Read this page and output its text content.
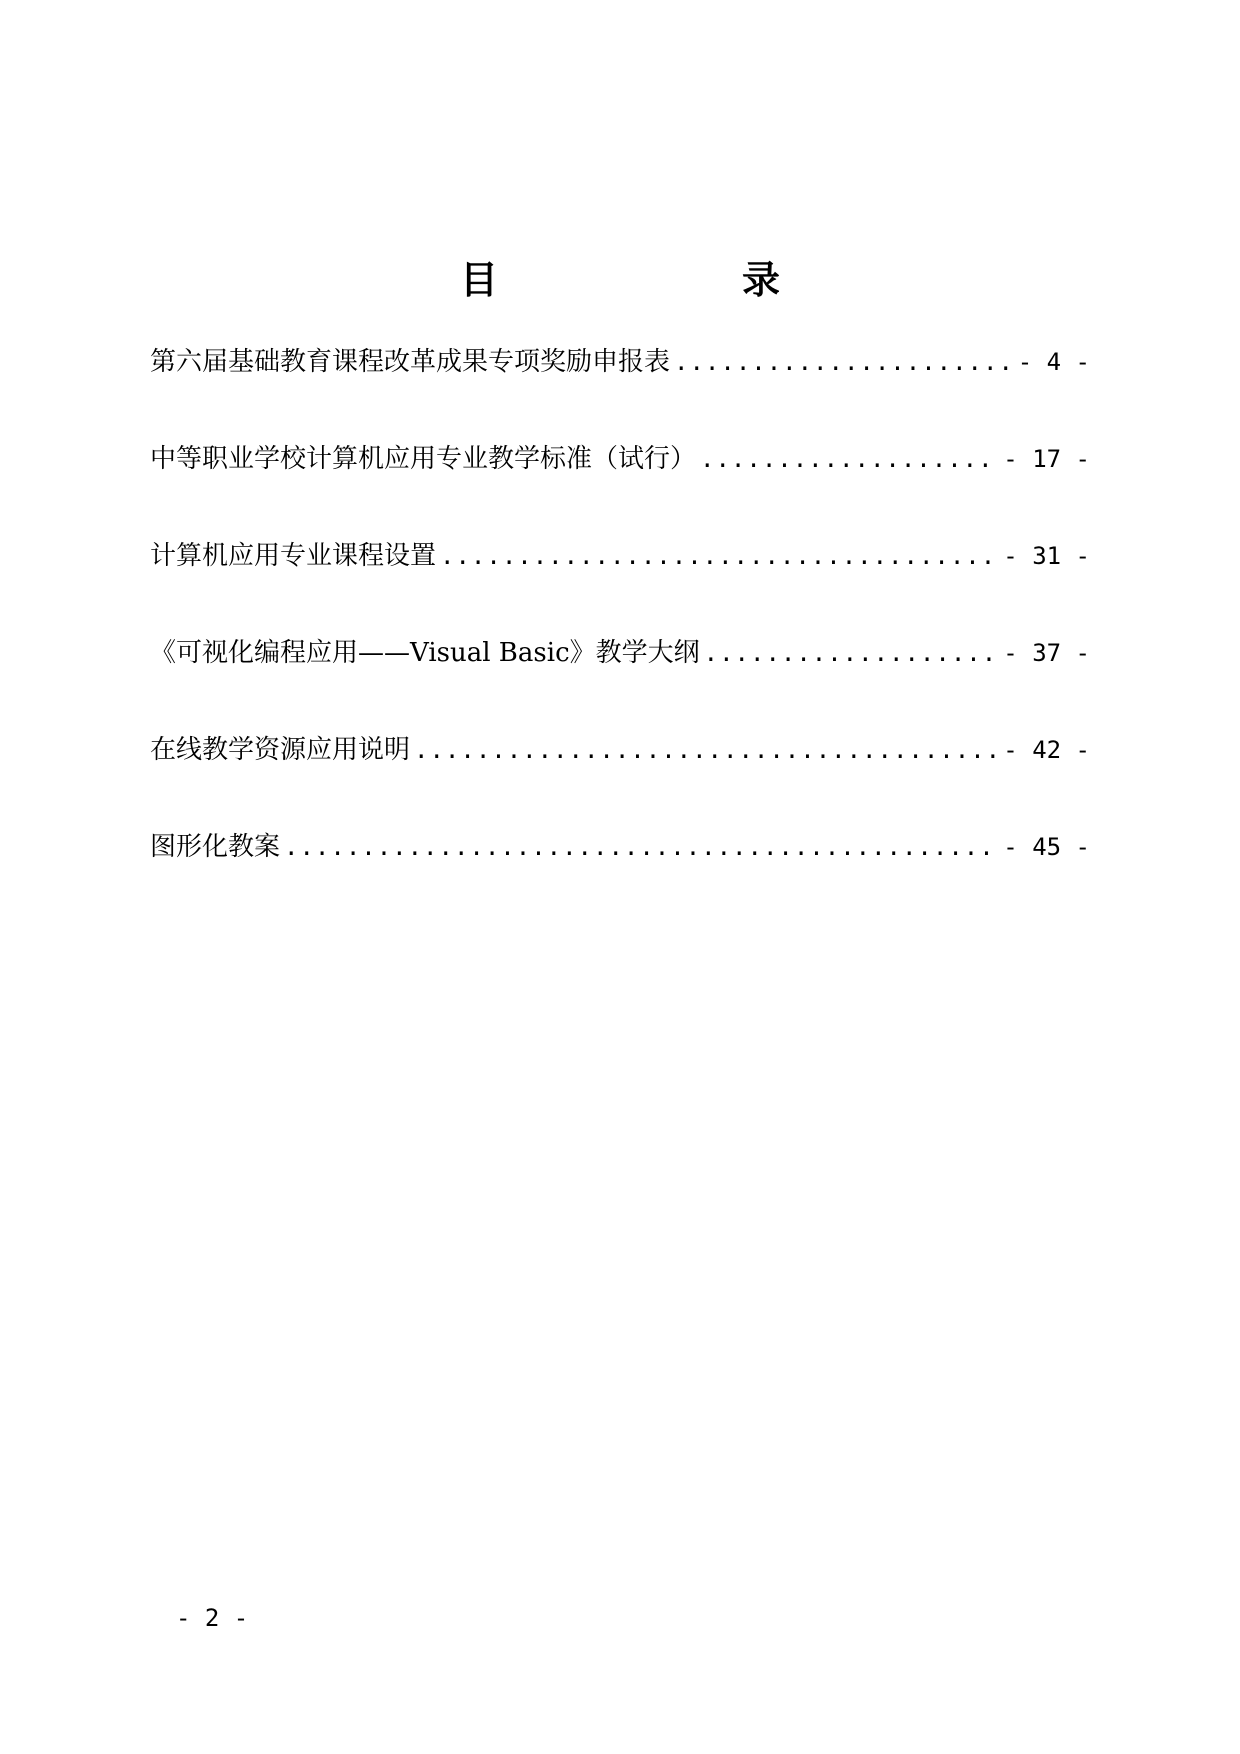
目　　录
第六届基础教育课程改革成果专项奖励申报表 .....	- 4 -
中等职业学校计算机应用专业教学标准（试行） .....	- 17 -
计算机应用专业课程设置 .....	- 31 -
《可视化编程应用——Visual Basic》教学大纲 .....	- 37 -
在线教学资源应用说明 .....	- 42 -
图形化教案 .....	- 45 -
- 2 -
